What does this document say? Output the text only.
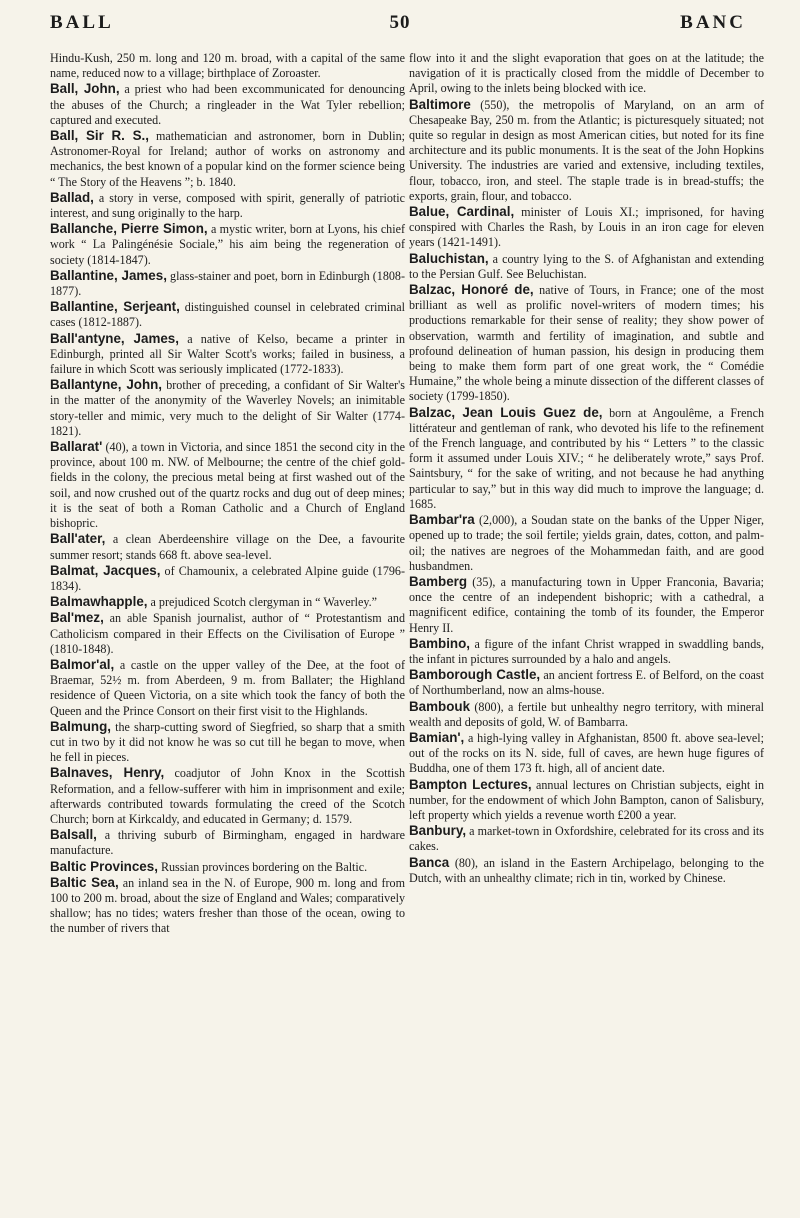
BALL	50	BANC

Hindu-Kush, 250 m. long and 120 m. broad, with a capital of the same name, reduced now to a village; birthplace of Zoroaster.

Ball, John, a priest who had been excommunicated for denouncing the abuses of the Church; a ringleader in the Wat Tyler rebellion; captured and executed.

Ball, Sir R. S., mathematician and astronomer, born in Dublin; Astronomer-Royal for Ireland; author of works on astronomy and mechanics, the best known of a popular kind on the former science being “ The Story of the Heavens ”; b. 1840.

Ballad, a story in verse, composed with spirit, generally of patriotic interest, and sung originally to the harp.

Ballanche, Pierre Simon, a mystic writer, born at Lyons, his chief work “ La Palingénésie Sociale,” his aim being the regeneration of society (1814-1847).

Ballantine, James, glass-stainer and poet, born in Edinburgh (1808-1877).

Ballantine, Serjeant, distinguished counsel in celebrated criminal cases (1812-1887).

Ball'antyne, James, a native of Kelso, became a printer in Edinburgh, printed all Sir Walter Scott's works; failed in business, a failure in which Scott was seriously implicated (1772-1833).

Ballantyne, John, brother of preceding, a confidant of Sir Walter's in the matter of the anonymity of the Waverley Novels; an inimitable story-teller and mimic, very much to the delight of Sir Walter (1774-1821).

Ballarat' (40), a town in Victoria, and since 1851 the second city in the province, about 100 m. NW. of Melbourne; the centre of the chief gold-fields in the colony, the precious metal being at first washed out of the soil, and now crushed out of the quartz rocks and dug out of deep mines; it is the seat of both a Roman Catholic and a Church of England bishopric.

Ball'ater, a clean Aberdeenshire village on the Dee, a favourite summer resort; stands 668 ft. above sea-level.

Balmat, Jacques, of Chamounix, a celebrated Alpine guide (1796-1834).

Balmawhapple, a prejudiced Scotch clergyman in “ Waverley.”

Bal'mez, an able Spanish journalist, author of “ Protestantism and Catholicism compared in their Effects on the Civilisation of Europe ” (1810-1848).

Balmor'al, a castle on the upper valley of the Dee, at the foot of Braemar, 52½ m. from Aberdeen, 9 m. from Ballater; the Highland residence of Queen Victoria, on a site which took the fancy of both the Queen and the Prince Consort on their first visit to the Highlands.

Balmung, the sharp-cutting sword of Siegfried, so sharp that a smith cut in two by it did not know he was so cut till he began to move, when he fell in pieces.

Balnaves, Henry, coadjutor of John Knox in the Scottish Reformation, and a fellow-sufferer with him in imprisonment and exile; afterwards contributed towards formulating the creed of the Scotch Church; born at Kirkcaldy, and educated in Germany; d. 1579.

Balsall, a thriving suburb of Birmingham, engaged in hardware manufacture.

Baltic Provinces, Russian provinces bordering on the Baltic.

Baltic Sea, an inland sea in the N. of Europe, 900 m. long and from 100 to 200 m. broad, about the size of England and Wales; comparatively shallow; has no tides; waters fresher than those of the ocean, owing to the number of rivers that

flow into it and the slight evaporation that goes on at the latitude; the navigation of it is practically closed from the middle of December to April, owing to the inlets being blocked with ice.

Baltimore (550), the metropolis of Maryland, on an arm of Chesapeake Bay, 250 m. from the Atlantic; is picturesquely situated; not quite so regular in design as most American cities, but noted for its fine architecture and its public monuments. It is the seat of the John Hopkins University. The industries are varied and extensive, including textiles, flour, tobacco, iron, and steel. The staple trade is in bread-stuffs; the exports, grain, flour, and tobacco.

Balue, Cardinal, minister of Louis XI.; imprisoned, for having conspired with Charles the Rash, by Louis in an iron cage for eleven years (1421-1491).

Baluchistan, a country lying to the S. of Afghanistan and extending to the Persian Gulf. See Beluchistan.

Balzac, Honoré de, native of Tours, in France; one of the most brilliant as well as prolific novel-writers of modern times; his productions remarkable for their sense of reality; they show power of observation, warmth and fertility of imagination, and subtle and profound delineation of human passion, his design in producing them being to make them form part of one great work, the “ Comédie Humaine,” the whole being a minute dissection of the different classes of society (1799-1850).

Balzac, Jean Louis Guez de, born at Angoulême, a French littérateur and gentleman of rank, who devoted his life to the refinement of the French language, and contributed by his “ Letters ” to the classic form it assumed under Louis XIV.; “ he deliberately wrote,” says Prof. Saintsbury, “ for the sake of writing, and not because he had anything particular to say,” but in this way did much to improve the language; d. 1685.

Bambar'ra (2,000), a Soudan state on the banks of the Upper Niger, opened up to trade; the soil fertile; yields grain, dates, cotton, and palm-oil; the natives are negroes of the Mohammedan faith, and are good husbandmen.

Bamberg (35), a manufacturing town in Upper Franconia, Bavaria; once the centre of an independent bishopric; with a cathedral, a magnificent edifice, containing the tomb of its founder, the Emperor Henry II.

Bambino, a figure of the infant Christ wrapped in swaddling bands, the infant in pictures surrounded by a halo and angels.

Bamborough Castle, an ancient fortress E. of Belford, on the coast of Northumberland, now an alms-house.

Bambouk (800), a fertile but unhealthy negro territory, with mineral wealth and deposits of gold, W. of Bambarra.

Bamian', a high-lying valley in Afghanistan, 8500 ft. above sea-level; out of the rocks on its N. side, full of caves, are hewn huge figures of Buddha, one of them 173 ft. high, all of ancient date.

Bampton Lectures, annual lectures on Christian subjects, eight in number, for the endowment of which John Bampton, canon of Salisbury, left property which yields a revenue worth £200 a year.

Banbury, a market-town in Oxfordshire, celebrated for its cross and its cakes.

Banca (80), an island in the Eastern Archipelago, belonging to the Dutch, with an unhealthy climate; rich in tin, worked by Chinese.
